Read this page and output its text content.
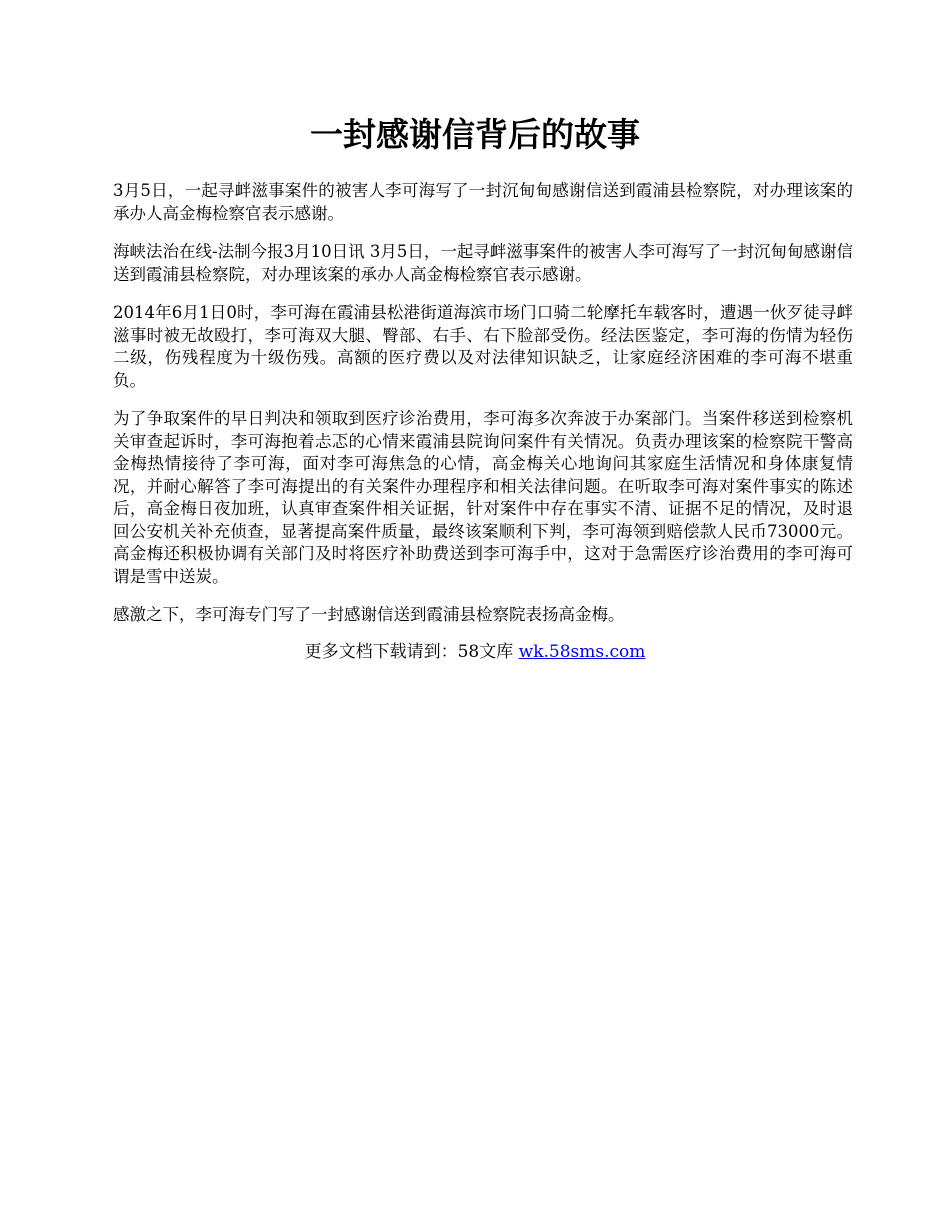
一封感谢信背后的故事

3月5日，一起寻衅滋事案件的被害人李可海写了一封沉甸甸感谢信送到霞浦县检察院，对办理该案的承办人高金梅检察官表示感谢。

海峡法治在线-法制今报3月10日讯 3月5日，一起寻衅滋事案件的被害人李可海写了一封沉甸甸感谢信送到霞浦县检察院，对办理该案的承办人高金梅检察官表示感谢。

2014年6月1日0时，李可海在霞浦县松港街道海滨市场门口骑二轮摩托车载客时，遭遇一伙歹徒寻衅滋事时被无故殴打，李可海双大腿、臀部、右手、右下脸部受伤。经法医鉴定，李可海的伤情为轻伤二级，伤残程度为十级伤残。高额的医疗费以及对法律知识缺乏，让家庭经济困难的李可海不堪重负。

为了争取案件的早日判决和领取到医疗诊治费用，李可海多次奔波于办案部门。当案件移送到检察机关审查起诉时，李可海抱着忐忑的心情来霞浦县院询问案件有关情况。负责办理该案的检察院干警高金梅热情接待了李可海，面对李可海焦急的心情，高金梅关心地询问其家庭生活情况和身体康复情况，并耐心解答了李可海提出的有关案件办理程序和相关法律问题。在听取李可海对案件事实的陈述后，高金梅日夜加班，认真审查案件相关证据，针对案件中存在事实不清、证据不足的情况，及时退回公安机关补充侦查，显著提高案件质量，最终该案顺利下判，李可海领到赔偿款人民币73000元。高金梅还积极协调有关部门及时将医疗补助费送到李可海手中，这对于急需医疗诊治费用的李可海可谓是雪中送炭。

感激之下，李可海专门写了一封感谢信送到霞浦县检察院表扬高金梅。

更多文档下载请到：58文库 wk.58sms.com
